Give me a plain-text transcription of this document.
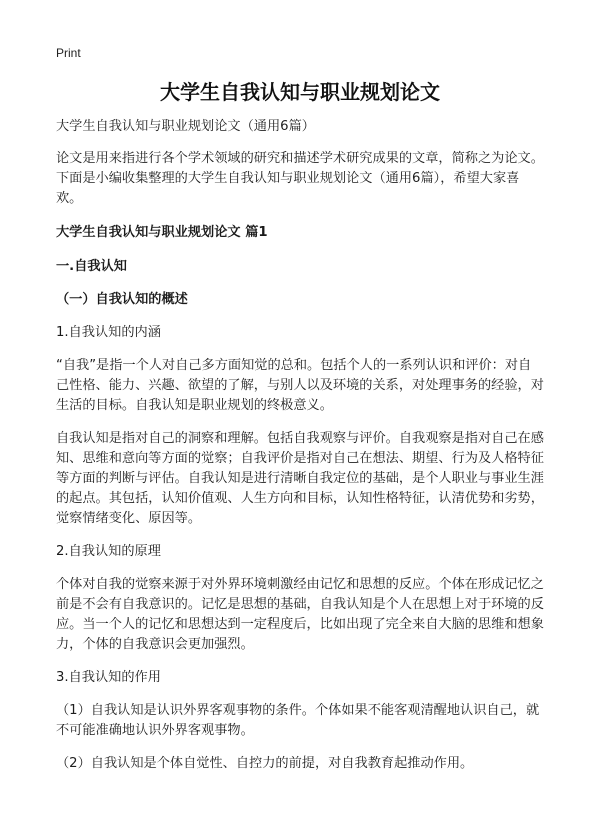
Print
大学生自我认知与职业规划论文

大学生自我认知与职业规划论文（通用6篇）

论文是用来指进行各个学术领域的研究和描述学术研究成果的文章，简称之为论文。下面是小编收集整理的大学生自我认知与职业规划论文（通用6篇），希望大家喜欢。

大学生自我认知与职业规划论文 篇1
一.自我认知
（一）自我认知的概述
1.自我认知的内涵

“自我”是指一个人对自己多方面知觉的总和。包括个人的一系列认识和评价：对自己性格、能力、兴趣、欲望的了解，与别人以及环境的关系，对处理事务的经验，对生活的目标。自我认知是职业规划的终极意义。

自我认知是指对自己的洞察和理解。包括自我观察与评价。自我观察是指对自己在感知、思维和意向等方面的觉察；自我评价是指对自己在想法、期望、行为及人格特征等方面的判断与评估。自我认知是进行清晰自我定位的基础，是个人职业与事业生涯的起点。其包括，认知价值观、人生方向和目标，认知性格特征，认清优势和劣势，觉察情绪变化、原因等。

2.自我认知的原理

个体对自我的觉察来源于对外界环境刺激经由记忆和思想的反应。个体在形成记忆之前是不会有自我意识的。记忆是思想的基础，自我认知是个人在思想上对于环境的反应。当一个人的记忆和思想达到一定程度后，比如出现了完全来自大脑的思维和想象力，个体的自我意识会更加强烈。

3.自我认知的作用

（1）自我认知是认识外界客观事物的条件。个体如果不能客观清醒地认识自己，就不可能准确地认识外界客观事物。

（2）自我认知是个体自觉性、自控力的前提，对自我教育起推动作用。
